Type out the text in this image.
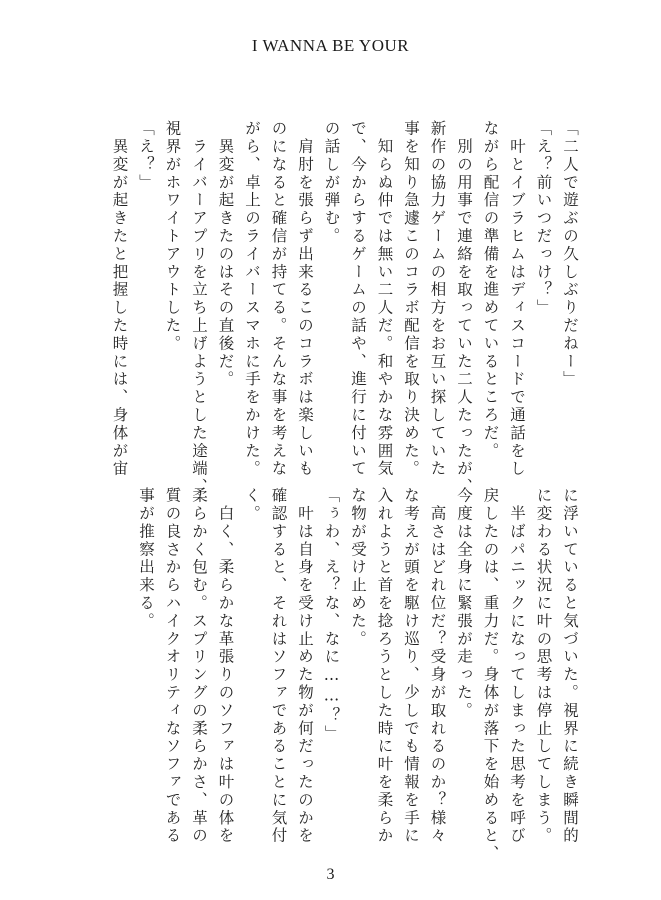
I WANNA BE YOUR
「二人で遊ぶの久しぶりだねー」
「え？前いつだっけ？」
　叶とイブラヒムはディスコードで通話をし
ながら配信の準備を進めているところだ。
　別の用事で連絡を取っていた二人たったが、
新作の協力ゲームの相方をお互い探していた
事を知り急遽このコラボ配信を取り決めた。
　知らぬ仲では無い二人だ。和やかな雰囲気
で、今からするゲームの話や、進行に付いて
の話しが弾む。
　肩肘を張らず出来るこのコラボは楽しいも
のになると確信が持てる。そんな事を考えな
がら、卓上のライバースマホに手をかけた。
　異変が起きたのはその直後だ。
　ライバーアプリを立ち上げようとした途端、
視界がホワイトアウトした。
「え？」
　異変が起きたと把握した時には、身体が宙
に浮いていると気づいた。視界に続き瞬間的
に変わる状況に叶の思考は停止してしまう。
　半ばパニックになってしまった思考を呼び
戻したのは、重力だ。身体が落下を始めると、
今度は全身に緊張が走った。
　高さはどれ位だ？受身が取れるのか？様々
な考えが頭を駆け巡り、少しでも情報を手に
入れようと首を捻ろうとした時に叶を柔らか
な物が受け止めた。
「ぅわ、え？な、なに……？」
　叶は自身を受け止めた物が何だったのかを
確認すると、それはソファであることに気付
く。
　白く、柔らかな革張りのソファは叶の体を
柔らかく包む。スプリングの柔らかさ、革の
質の良さからハイクオリティなソファである
事が推察出来る。
3
